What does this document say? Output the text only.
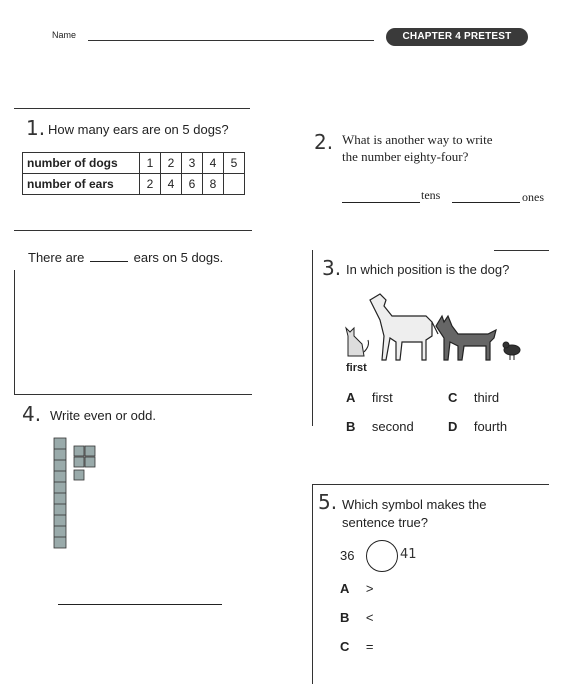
Name	CHAPTER 4 PRETEST
1. How many ears are on 5 dogs?
number of dogs	1	2	3	4	5
number of ears	2	4	6	8	
There are	ears on 5 dogs.
2. What is another way to write
the number eighty-four?
tens	ones
3. In which position is the dog?
first
A first	C third
B second	D fourth
4. Write even or odd.
5. Which symbol makes the
sentence true?
36	41
A >
B <
C =
